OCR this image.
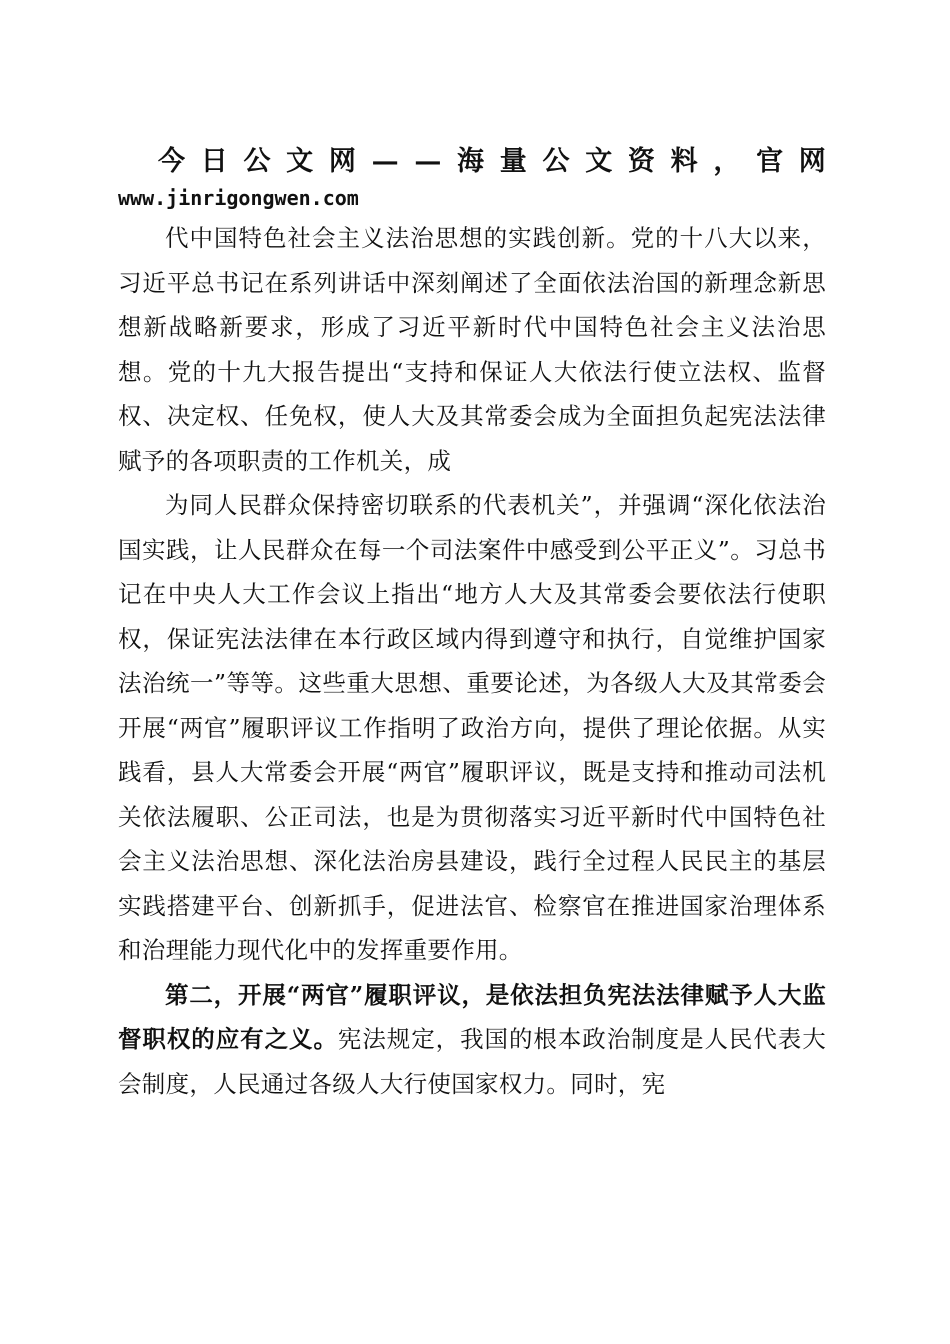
今 日 公 文 网 — — 海 量 公 文 资 料 ， 官 网
www.jinrigongwen.com

代中国特色社会主义法治思想的实践创新。党的十八大以来，习近平总书记在系列讲话中深刻阐述了全面依法治国的新理念新思想新战略新要求，形成了习近平新时代中国特色社会主义法治思想。党的十九大报告提出“支持和保证人大依法行使立法权、监督权、决定权、任免权，使人大及其常委会成为全面担负起宪法法律赋予的各项职责的工作机关，成

为同人民群众保持密切联系的代表机关”，并强调“深化依法治国实践，让人民群众在每一个司法案件中感受到公平正义”。习总书记在中央人大工作会议上指出“地方人大及其常委会要依法行使职权，保证宪法法律在本行政区域内得到遵守和执行，自觉维护国家法治统一”等等。这些重大思想、重要论述，为各级人大及其常委会开展“两官”履职评议工作指明了政治方向，提供了理论依据。从实践看，县人大常委会开展“两官”履职评议，既是支持和推动司法机关依法履职、公正司法，也是为贯彻落实习近平新时代中国特色社会主义法治思想、深化法治房县建设，践行全过程人民民主的基层实践搭建平台、创新抓手，促进法官、检察官在推进国家治理体系和治理能力现代化中的发挥重要作用。

第二，开展“两官”履职评议，是依法担负宪法法律赋予人大监督职权的应有之义。宪法规定，我国的根本政治制度是人民代表大会制度，人民通过各级人大行使国家权力。同时，宪
